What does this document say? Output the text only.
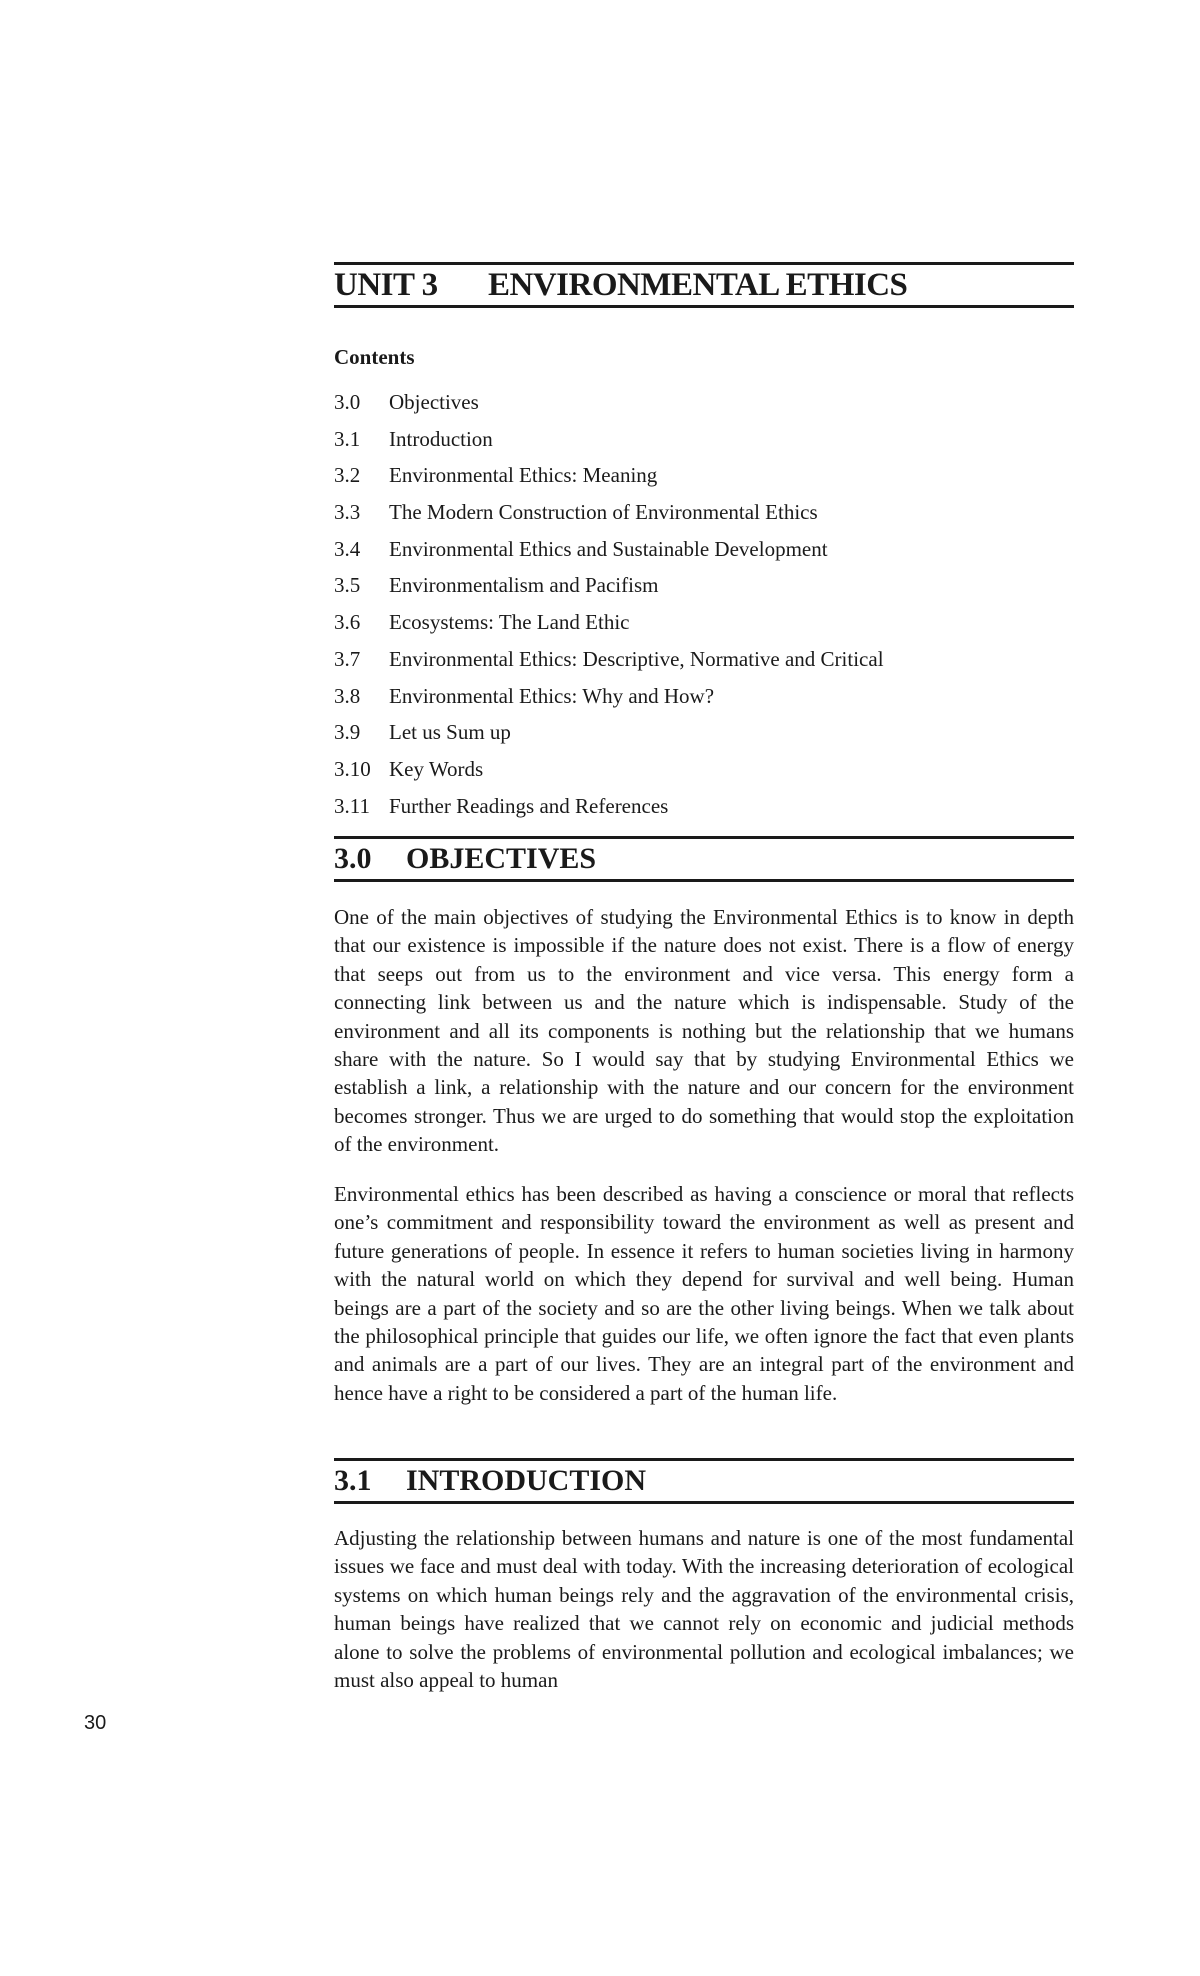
UNIT 3 ENVIRONMENTAL ETHICS
Contents
3.0 Objectives
3.1 Introduction
3.2 Environmental Ethics: Meaning
3.3 The Modern Construction of Environmental Ethics
3.4 Environmental Ethics and Sustainable Development
3.5 Environmentalism and Pacifism
3.6 Ecosystems: The Land Ethic
3.7 Environmental Ethics: Descriptive, Normative and Critical
3.8 Environmental Ethics: Why and How?
3.9 Let us Sum up
3.10 Key Words
3.11 Further Readings and References
3.0 OBJECTIVES

One of the main objectives of studying the Environmental Ethics is to know in depth that our existence is impossible if the nature does not exist. There is a flow of energy that seeps out from us to the environment and vice versa. This energy form a connecting link between us and the nature which is indispensable. Study of the environment and all its components is nothing but the relationship that we humans share with the nature. So I would say that by studying Environmental Ethics we establish a link, a relationship with the nature and our concern for the environment becomes stronger. Thus we are urged to do something that would stop the exploitation of the environment.

Environmental ethics has been described as having a conscience or moral that reflects one’s commitment and responsibility toward the environment as well as present and future generations of people. In essence it refers to human societies living in harmony with the natural world on which they depend for survival and well being. Human beings are a part of the society and so are the other living beings. When we talk about the philosophical principle that guides our life, we often ignore the fact that even plants and animals are a part of our lives. They are an integral part of the environment and hence have a right to be considered a part of the human life.

3.1 INTRODUCTION

Adjusting the relationship between humans and nature is one of the most fundamental issues we face and must deal with today. With the increasing deterioration of ecological systems on which human beings rely and the aggravation of the environmental crisis, human beings have realized that we cannot rely on economic and judicial methods alone to solve the problems of environmental pollution and ecological imbalances; we must also appeal to human

30
